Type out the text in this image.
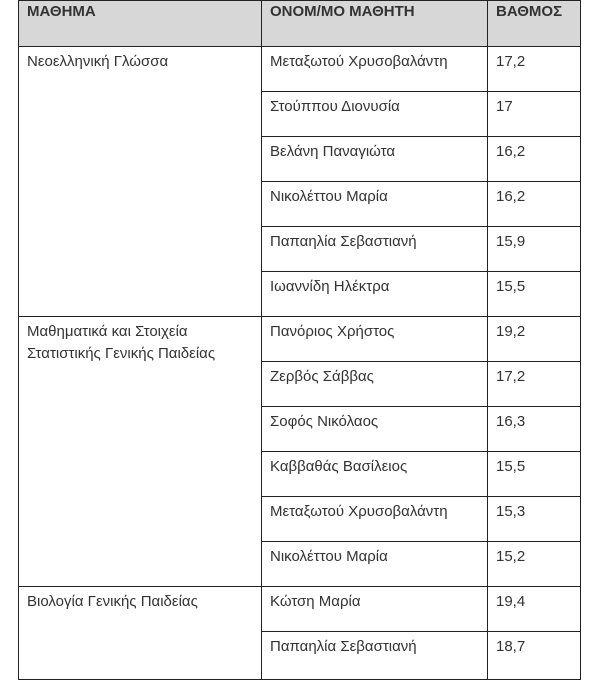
ΜΑΘΗΜΑ	ΟΝΟΜ/ΜΟ ΜΑΘΗΤΗ	ΒΑΘΜΟΣ
Νεοελληνική Γλώσσα	Μεταξωτού Χρυσοβαλάντη	17,2
	Στούππου Διονυσία	17
	Βελάνη Παναγιώτα	16,2
	Νικολέττου Μαρία	16,2
	Παπαηλία Σεβαστιανή	15,9
	Ιωαννίδη Ηλέκτρα	15,5
Μαθηματικά και Στοιχεία Στατιστικής Γενικής Παιδείας	Πανόριος Χρήστος	19,2
	Ζερβός Σάββας	17,2
	Σοφός Νικόλαος	16,3
	Καββαθάς Βασίλειος	15,5
	Μεταξωτού Χρυσοβαλάντη	15,3
	Νικολέττου Μαρία	15,2
Βιολογία Γενικής Παιδείας	Κώτση Μαρία	19,4
	Παπαηλία Σεβαστιανή	18,7
